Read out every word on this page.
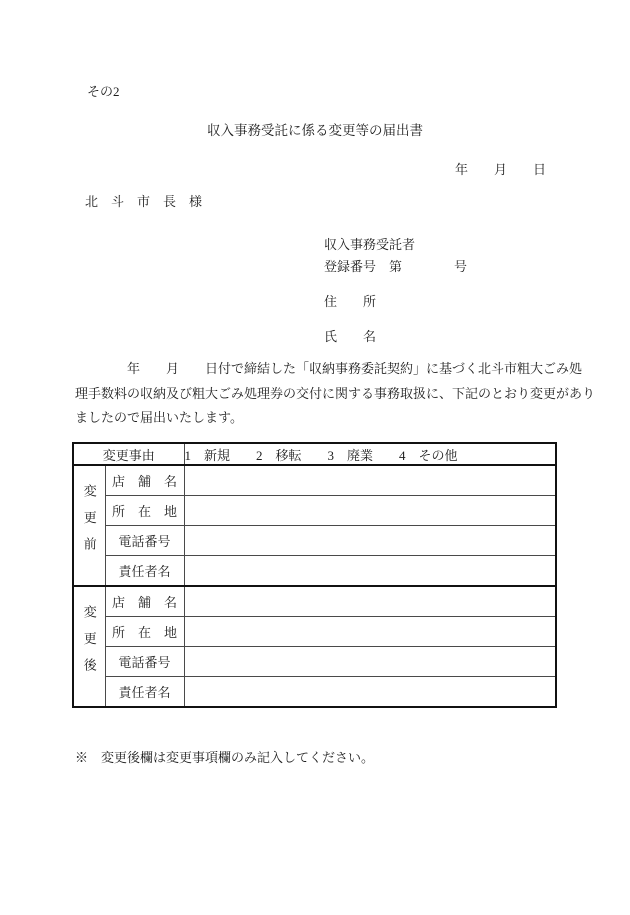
その2
収入事務受託に係る変更等の届出書
年　　月　　日
北　斗　市　長　様
収入事務受託者
登録番号　第　　　　号
住　　所
氏　　名
　　　　年　　月　　日付で締結した「収納事務委託契約」に基づく北斗市粗大ごみ処
理手数料の収納及び粗大ごみ処理券の交付に関する事務取扱に、下記のとおり変更があり
ましたので届出いたします。
変更事由		1　新規　　2　移転　　3　廃業　　4　その他
変更前	店　舗　名	
	所　在　地	
	電話番号	
	責任者名	
変更後	店　舗　名	
	所　在　地	
	電話番号	
	責任者名	
※　変更後欄は変更事項欄のみ記入してください。
